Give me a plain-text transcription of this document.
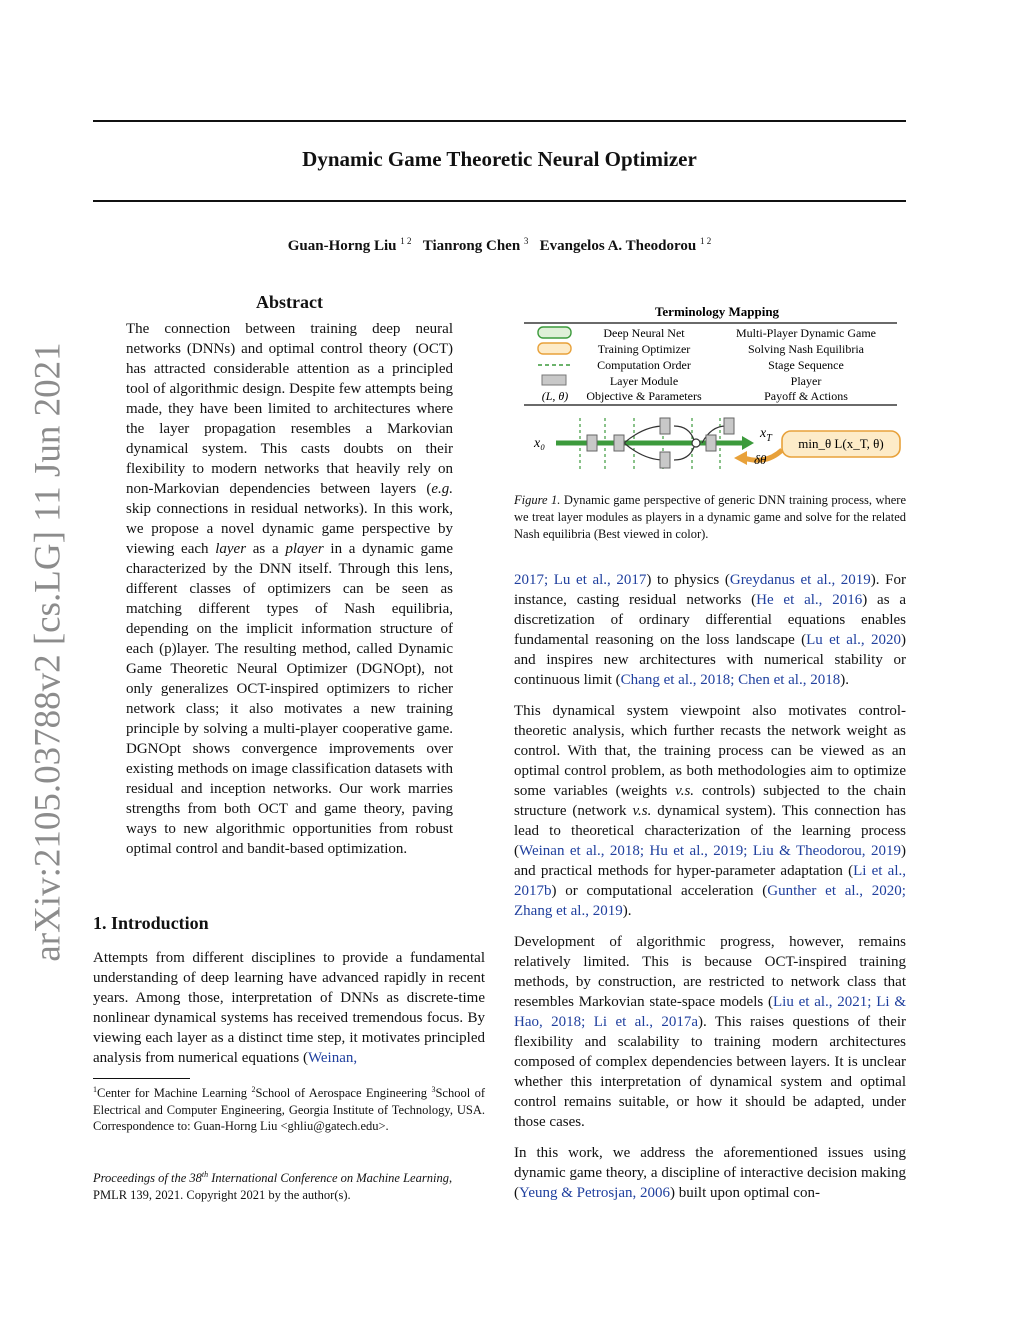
arXiv:2105.03788v2 [cs.LG] 11 Jun 2021
Dynamic Game Theoretic Neural Optimizer
Guan-Horng Liu $^{1 2}$ Tianrong Chen $^3$ Evangelos A. Theodorou $^{1 2}$
Abstract
The connection between training deep neural networks (DNNs) and optimal control theory (OCT) has attracted considerable attention as a principled tool of algorithmic design. Despite few attempts being made, they have been limited to architectures where the layer propagation resembles a Markovian dynamical system. This casts doubts on their flexibility to modern networks that heavily rely on non-Markovian dependencies between layers (e.g. skip connections in residual networks). In this work, we propose a novel dynamic game perspective by viewing each layer as a player in a dynamic game characterized by the DNN itself. Through this lens, different classes of optimizers can be seen as matching different types of Nash equilibria, depending on the implicit information structure of each (p)layer. The resulting method, called Dynamic Game Theoretic Neural Optimizer (DGNOpt), not only generalizes OCT-inspired optimizers to richer network class; it also motivates a new training principle by solving a multi-player cooperative game. DGNOpt shows convergence improvements over existing methods on image classification datasets with residual and inception networks. Our work marries strengths from both OCT and game theory, paving ways to new algorithmic opportunities from robust optimal control and bandit-based optimization.
1. Introduction
Attempts from different disciplines to provide a fundamental understanding of deep learning have advanced rapidly in recent years. Among those, interpretation of DNNs as discrete-time nonlinear dynamical systems has received tremendous focus. By viewing each layer as a distinct time step, it motivates principled analysis from numerical equations (Weinan,
$^1$Center for Machine Learning $^2$School of Aerospace Engineering $^3$School of Electrical and Computer Engineering, Georgia Institute of Technology, USA. Correspondence to: Guan-Horng Liu <ghliu@gatech.edu>.
Proceedings of the 38th International Conference on Machine Learning, PMLR 139, 2021. Copyright 2021 by the author(s).
Terminology Mapping
(L, θ)
Deep Neural Net	Multi-Player Dynamic Game
Training Optimizer	Solving Nash Equilibria
Computation Order	Stage Sequence
Layer Module	Player
Objective & Parameters	Payoff & Actions
x₀
$x_T$ min_θ L(x_T, θ)
δθ
Figure 1. Dynamic game perspective of generic DNN training process, where we treat layer modules as players in a dynamic game and solve for the related Nash equilibria (Best viewed in color).

2017; Lu et al., 2017) to physics (Greydanus et al., 2019). For instance, casting residual networks (He et al., 2016) as a discretization of ordinary differential equations enables fundamental reasoning on the loss landscape (Lu et al., 2020) and inspires new architectures with numerical stability or continuous limit (Chang et al., 2018; Chen et al., 2018).

This dynamical system viewpoint also motivates control-theoretic analysis, which further recasts the network weight as control. With that, the training process can be viewed as an optimal control problem, as both methodologies aim to optimize some variables (weights v.s. controls) subjected to the chain structure (network v.s. dynamical system). This connection has lead to theoretical characterization of the learning process (Weinan et al., 2018; Hu et al., 2019; Liu & Theodorou, 2019) and practical methods for hyper-parameter adaptation (Li et al., 2017b) or computational acceleration (Gunther et al., 2020; Zhang et al., 2019).

Development of algorithmic progress, however, remains relatively limited. This is because OCT-inspired training methods, by construction, are restricted to network class that resembles Markovian state-space models (Liu et al., 2021; Li & Hao, 2018; Li et al., 2017a). This raises questions of their flexibility and scalability to training modern architectures composed of complex dependencies between layers. It is unclear whether this interpretation of dynamical system and optimal control remains suitable, or how it should be adapted, under those cases.

In this work, we address the aforementioned issues using dynamic game theory, a discipline of interactive decision making (Yeung & Petrosjan, 2006) built upon optimal con-
